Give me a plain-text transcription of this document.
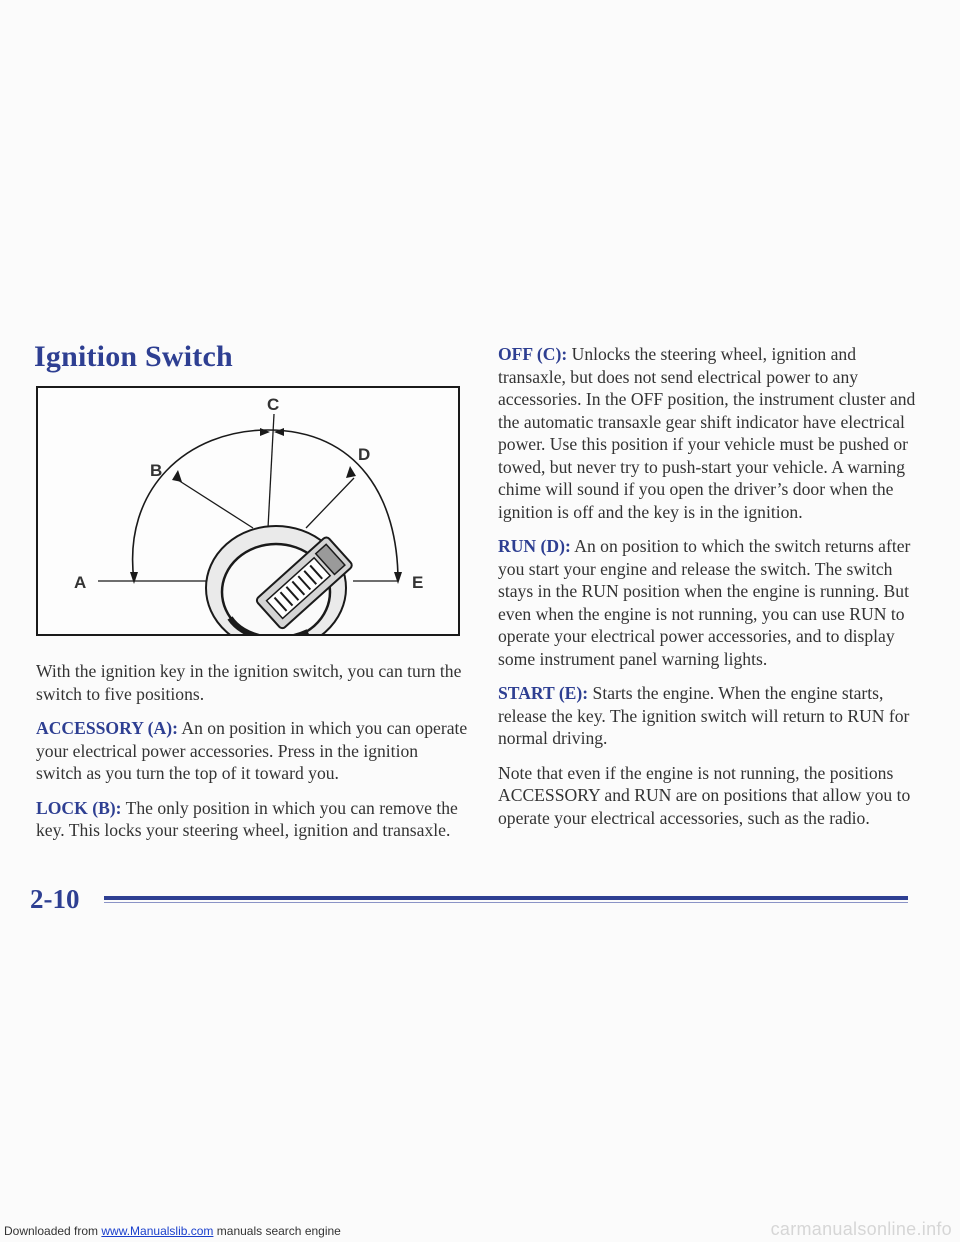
Ignition Switch
C
B
D
A	E

With the ignition key in the ignition switch, you can turn the switch to five positions.

ACCESSORY (A): An on position in which you can operate your electrical power accessories. Press in the ignition switch as you turn the top of it toward you.

LOCK (B): The only position in which you can remove the key. This locks your steering wheel, ignition and transaxle.

OFF (C): Unlocks the steering wheel, ignition and transaxle, but does not send electrical power to any accessories. In the OFF position, the instrument cluster and the automatic transaxle gear shift indicator have electrical power. Use this position if your vehicle must be pushed or towed, but never try to push-start your vehicle. A warning chime will sound if you open the driver’s door when the ignition is off and the key is in the ignition.

RUN (D): An on position to which the switch returns after you start your engine and release the switch. The switch stays in the RUN position when the engine is running. But even when the engine is not running, you can use RUN to operate your electrical power accessories, and to display some instrument panel warning lights.

START (E): Starts the engine. When the engine starts, release the key. The ignition switch will return to RUN for normal driving.

Note that even if the engine is not running, the positions ACCESSORY and RUN are on positions that allow you to operate your electrical accessories, such as the radio.

2-10
Downloaded from www.Manualslib.com manuals search engine	carmanualsonline.info
